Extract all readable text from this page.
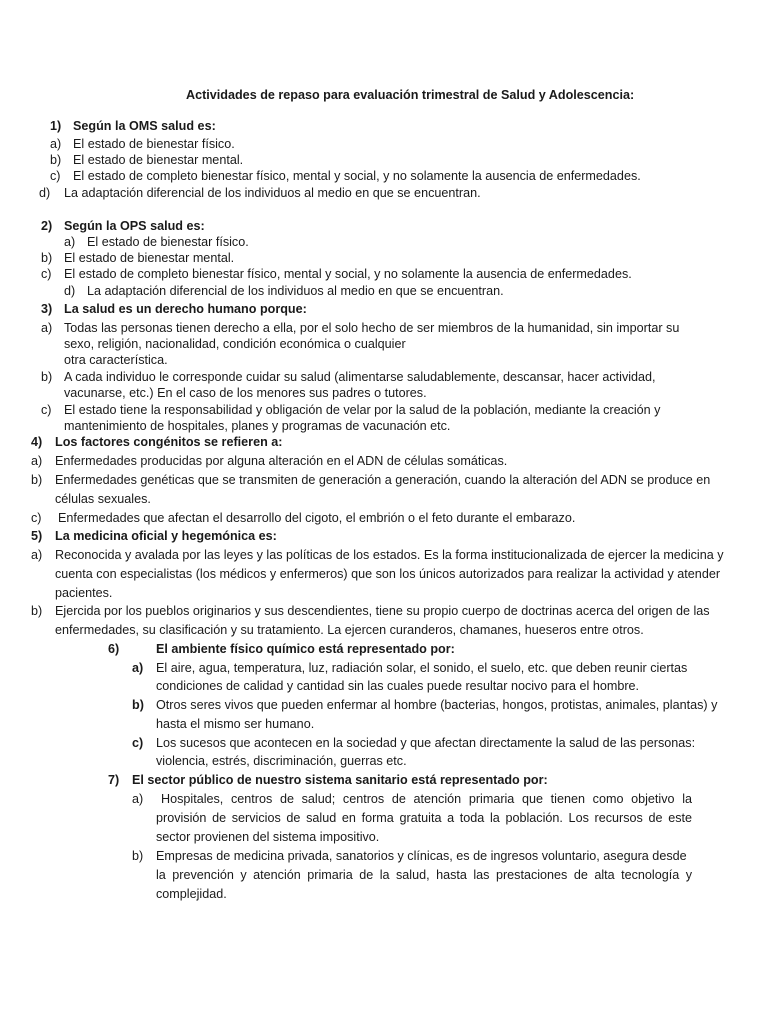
Actividades de repaso para evaluación trimestral de Salud y Adolescencia:
1) Según la OMS salud es:
a) El estado de bienestar físico.
b) El estado de bienestar mental.
c) El estado de completo bienestar físico, mental y social, y no solamente la ausencia de enfermedades.
d) La adaptación diferencial de los individuos al medio en que se encuentran.
2) Según la OPS salud es:
a) El estado de bienestar físico.
b) El estado de bienestar mental.
c) El estado de completo bienestar físico, mental y social, y no solamente la ausencia de enfermedades.
d) La adaptación diferencial de los individuos al medio en que se encuentran.
3) La salud es un derecho humano porque:
a) Todas las personas tienen derecho a ella, por el solo hecho de ser miembros de la humanidad, sin importar su
sexo, religión, nacionalidad, condición económica o cualquier
otra característica.
b) A cada individuo le corresponde cuidar su salud (alimentarse saludablemente, descansar, hacer actividad,
vacunarse, etc.) En el caso de los menores sus padres o tutores.
c) El estado tiene la responsabilidad y obligación de velar por la salud de la población, mediante la creación y
mantenimiento de hospitales, planes y programas de vacunación etc.
4) Los factores congénitos se refieren a:
a) Enfermedades producidas por alguna alteración en el ADN de células somáticas.
b) Enfermedades genéticas que se transmiten de generación a generación, cuando la alteración del ADN se produce en
células sexuales.
c) Enfermedades que afectan el desarrollo del cigoto, el embrión o el feto durante el embarazo.
5) La medicina oficial y hegemónica es:
a) Reconocida y avalada por las leyes y las políticas de los estados. Es la forma institucionalizada de ejercer la medicina y
cuenta con especialistas (los médicos y enfermeros) que son los únicos autorizados para realizar la actividad y atender
pacientes.
b) Ejercida por los pueblos originarios y sus descendientes, tiene su propio cuerpo de doctrinas acerca del origen de las
enfermedades, su clasificación y su tratamiento. La ejercen curanderos, chamanes, hueseros entre otros.
6)	El ambiente físico químico está representado por:
a) El aire, agua, temperatura, luz, radiación solar, el sonido, el suelo, etc. que deben reunir ciertas
condiciones de calidad y cantidad sin las cuales puede resultar nocivo para el hombre.
b) Otros seres vivos que pueden enfermar al hombre (bacterias, hongos, protistas, animales, plantas) y
hasta el mismo ser humano.
c) Los sucesos que acontecen en la sociedad y que afectan directamente la salud de las personas:
violencia, estrés, discriminación, guerras etc.
7) El sector público de nuestro sistema sanitario está representado por:
a)	Hospitales, centros de salud; centros de atención primaria que tienen como objetivo la
provisión de servicios de salud en forma gratuita a toda la población. Los recursos de este
sector provienen del sistema impositivo.
b) Empresas de medicina privada, sanatorios y clínicas, es de ingresos voluntario, asegura desde
la prevención y atención primaria de la salud, hasta las prestaciones de alta tecnología y
complejidad.
